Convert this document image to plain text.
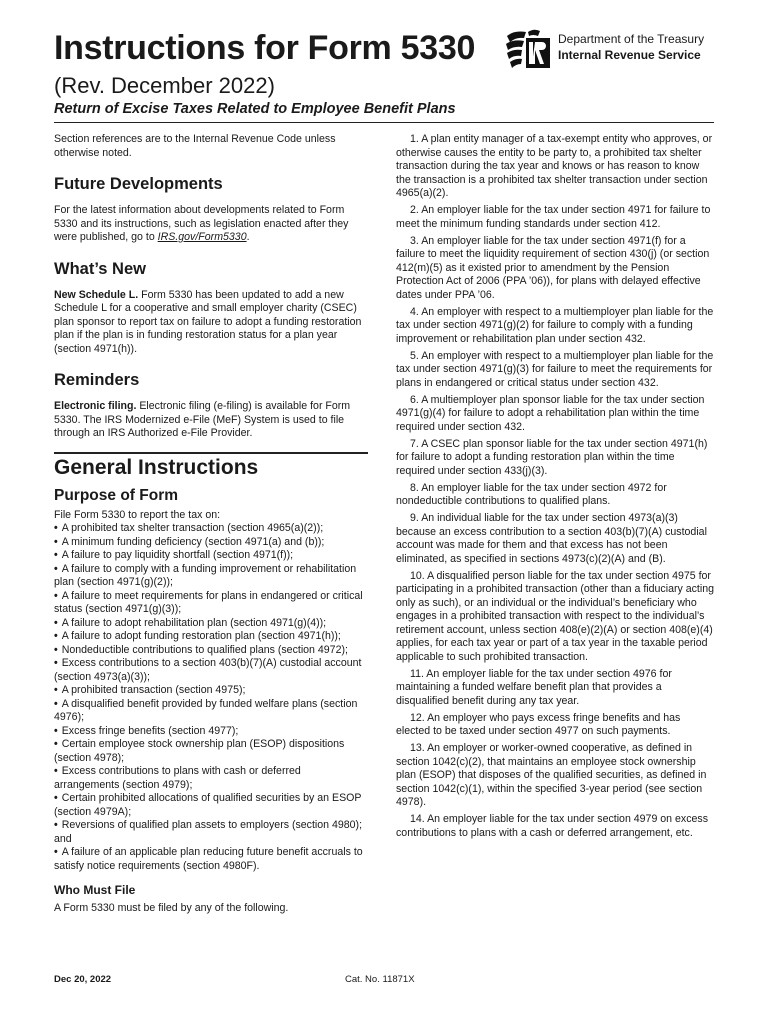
Instructions for Form 5330
(Rev. December 2022)
Return of Excise Taxes Related to Employee Benefit Plans
Department of the Treasury
Internal Revenue Service

Section references are to the Internal Revenue Code unless otherwise noted.

Future Developments

For the latest information about developments related to Form 5330 and its instructions, such as legislation enacted after they were published, go to IRS.gov/Form5330.

What’s New

New Schedule L. Form 5330 has been updated to add a new Schedule L for a cooperative and small employer charity (CSEC) plan sponsor to report tax on failure to adopt a funding restoration plan if the plan is in funding restoration status for a plan year (section 4971(h)).

Reminders

Electronic filing. Electronic filing (e-filing) is available for Form 5330. The IRS Modernized e-File (MeF) System is used to file through an IRS Authorized e-File Provider.

General Instructions
Purpose of Form
File Form 5330 to report the tax on:
• A prohibited tax shelter transaction (section 4965(a)(2));
• A minimum funding deficiency (section 4971(a) and (b));
• A failure to pay liquidity shortfall (section 4971(f));
• A failure to comply with a funding improvement or rehabilitation plan (section 4971(g)(2));
• A failure to meet requirements for plans in endangered or critical status (section 4971(g)(3));
• A failure to adopt rehabilitation plan (section 4971(g)(4));
• A failure to adopt funding restoration plan (section 4971(h));
• Nondeductible contributions to qualified plans (section 4972);
• Excess contributions to a section 403(b)(7)(A) custodial account (section 4973(a)(3));
• A prohibited transaction (section 4975);
• A disqualified benefit provided by funded welfare plans (section 4976);
• Excess fringe benefits (section 4977);
• Certain employee stock ownership plan (ESOP) dispositions (section 4978);
• Excess contributions to plans with cash or deferred arrangements (section 4979);
• Certain prohibited allocations of qualified securities by an ESOP (section 4979A);
• Reversions of qualified plan assets to employers (section 4980); and
• A failure of an applicable plan reducing future benefit accruals to satisfy notice requirements (section 4980F).
Who Must File

A Form 5330 must be filed by any of the following.

1. A plan entity manager of a tax-exempt entity who approves, or otherwise causes the entity to be party to, a prohibited tax shelter transaction during the tax year and knows or has reason to know the transaction is a prohibited tax shelter transaction under section 4965(a)(2).
2. An employer liable for the tax under section 4971 for failure to meet the minimum funding standards under section 412.
3. An employer liable for the tax under section 4971(f) for a failure to meet the liquidity requirement of section 430(j) (or section 412(m)(5) as it existed prior to amendment by the Pension Protection Act of 2006 (PPA ’06)), for plans with delayed effective dates under PPA ’06.
4. An employer with respect to a multiemployer plan liable for the tax under section 4971(g)(2) for failure to comply with a funding improvement or rehabilitation plan under section 432.
5. An employer with respect to a multiemployer plan liable for the tax under section 4971(g)(3) for failure to meet the requirements for plans in endangered or critical status under section 432.
6. A multiemployer plan sponsor liable for the tax under section 4971(g)(4) for failure to adopt a rehabilitation plan within the time required under section 432.
7. A CSEC plan sponsor liable for the tax under section 4971(h) for failure to adopt a funding restoration plan within the time required under section 433(j)(3).
8. An employer liable for the tax under section 4972 for nondeductible contributions to qualified plans.
9. An individual liable for the tax under section 4973(a)(3) because an excess contribution to a section 403(b)(7)(A) custodial account was made for them and that excess has not been eliminated, as specified in sections 4973(c)(2)(A) and (B).
10. A disqualified person liable for the tax under section 4975 for participating in a prohibited transaction (other than a fiduciary acting only as such), or an individual or the individual’s beneficiary who engages in a prohibited transaction with respect to the individual’s retirement account, unless section 408(e)(2)(A) or section 408(e)(4) applies, for each tax year or part of a tax year in the taxable period applicable to such prohibited transaction.
11. An employer liable for the tax under section 4976 for maintaining a funded welfare benefit plan that provides a disqualified benefit during any tax year.
12. An employer who pays excess fringe benefits and has elected to be taxed under section 4977 on such payments.
13. An employer or worker-owned cooperative, as defined in section 1042(c)(2), that maintains an employee stock ownership plan (ESOP) that disposes of the qualified securities, as defined in section 1042(c)(1), within the specified 3-year period (see section 4978).
14. An employer liable for the tax under section 4979 on excess contributions to plans with a cash or deferred arrangement, etc.
Dec 20, 2022	Cat. No. 11871X
